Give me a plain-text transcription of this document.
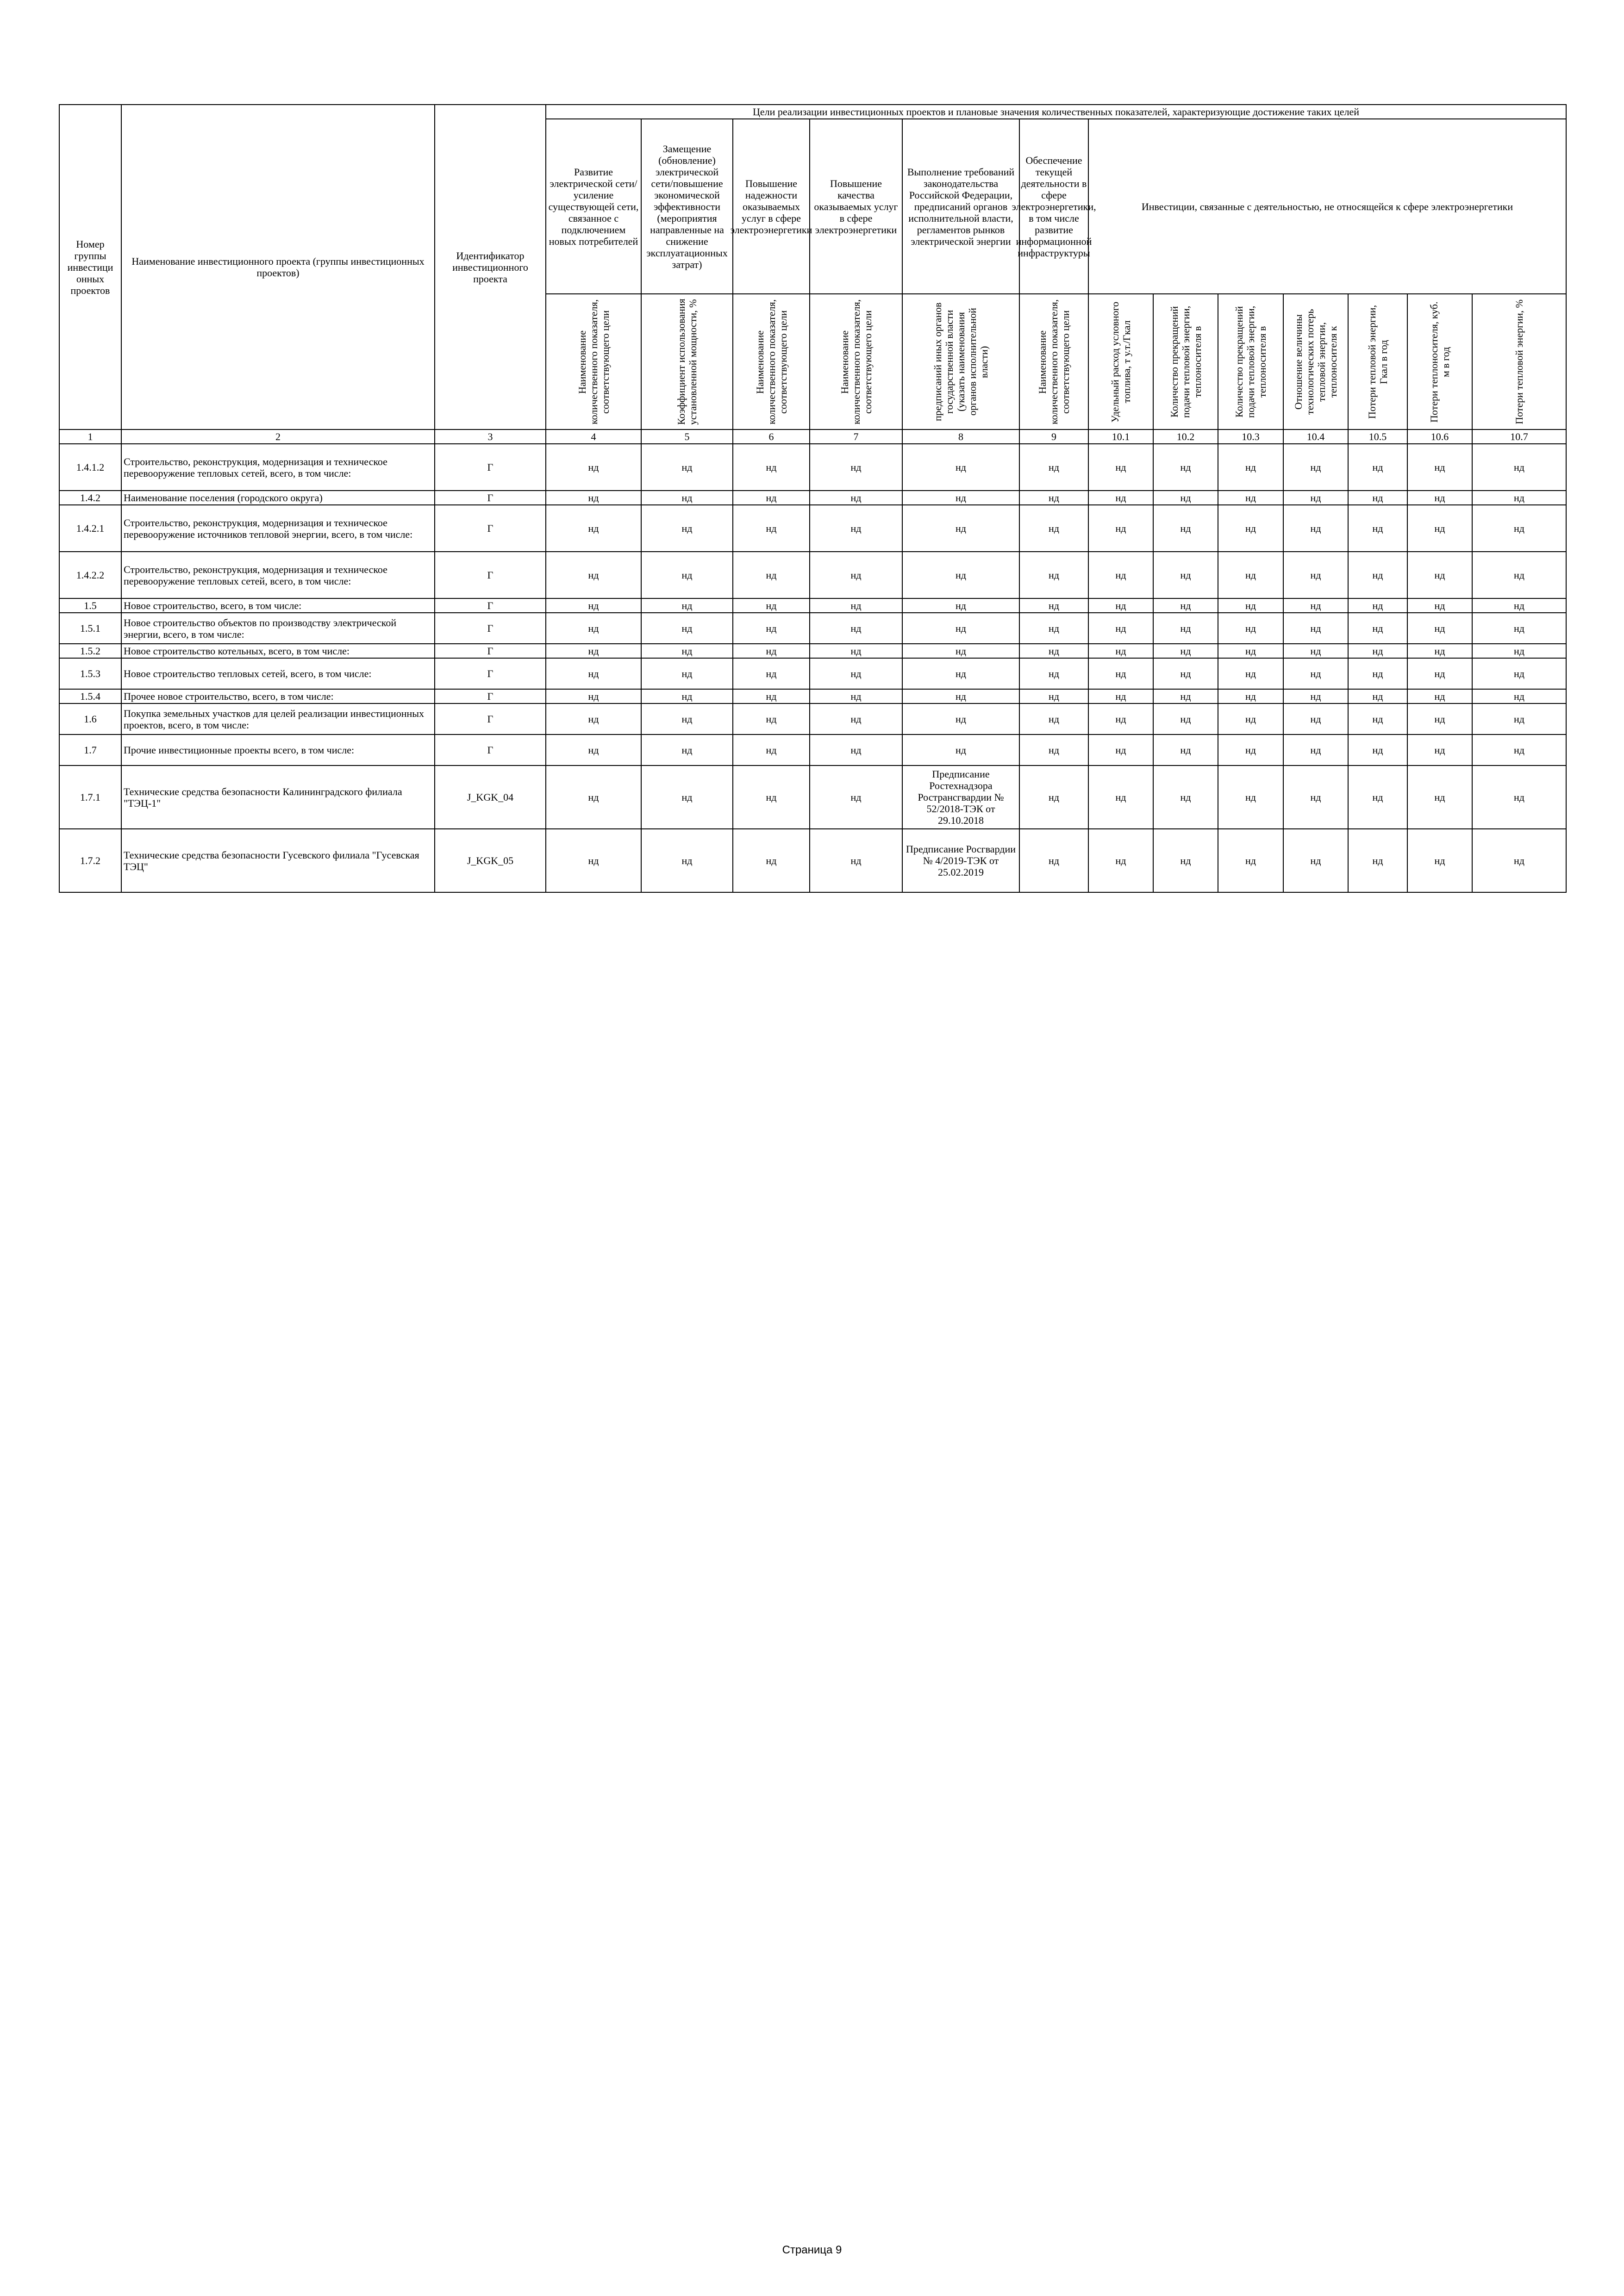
Номер группы инвестици онных проектов	Наименование инвестиционного проекта (группы инвестиционных проектов)	Идентификатор инвестиционного проекта	Цели реализации инвестиционных проектов и плановые значения количественных показателей, характеризующие достижение таких целей												

Развитие электрической сети/усиление существующей сети, связанное с подключением новых потребителей	Замещение (обновление) электрической сети/повышение экономической эффективности (мероприятия направленные на снижение эксплуатационных затрат)	Повышение надежности оказываемых услуг в сфере электроэнергетики	Повышение качества оказываемых услуг в сфере электроэнергетики	Выполнение требований законодательства Российской Федерации, предписаний органов исполнительной власти, регламентов рынков электрической энергии	Обеспечение текущей деятельности в сфере электроэнергетики, в том числе развитие информационной инфраструктуры	Инвестиции, связанные с деятельностью, не относящейся к сфере электроэнергетики						

			Наименование количественного показателя, соответствующего цели	Коэффициент использования установленной мощности, %	Наименование количественного показателя, соответствующего цели	Наименование количественного показателя, соответствующего цели	предписаний иных органов государственной власти (указать наименования органов исполнительной власти)	Наименование количественного показателя, соответствующего цели	Удельный расход условного топлива, т у.т./Гкал	Количество прекращений подачи тепловой энергии, теплоносителя в	Количество прекращений подачи тепловой энергии, теплоносителя в	Отношение величины технологических потерь тепловой энергии, теплоносителя к	Потери тепловой энергии, Гкал в год	Потери теплоносителя, куб. м в год	Потери тепловой энергии, %

1	2	3	4	5	6	7	8	9	10.1	10.2	10.3	10.4	10.5	10.6	10.7
1.4.1.2	Строительство, реконструкция, модернизация и техническое перевооружение тепловых сетей, всего, в том числе:	Г	нд	нд	нд	нд	нд	нд	нд	нд	нд	нд	нд	нд	нд
1.4.2	Наименование поселения (городского округа)	Г	нд	нд	нд	нд	нд	нд	нд	нд	нд	нд	нд	нд	нд
1.4.2.1	Строительство, реконструкция, модернизация и техническое перевооружение источников тепловой энергии, всего, в том числе:	Г	нд	нд	нд	нд	нд	нд	нд	нд	нд	нд	нд	нд	нд
1.4.2.2	Строительство, реконструкция, модернизация и техническое перевооружение тепловых сетей, всего, в том числе:	Г	нд	нд	нд	нд	нд	нд	нд	нд	нд	нд	нд	нд	нд
1.5	Новое строительство, всего, в том числе:	Г	нд	нд	нд	нд	нд	нд	нд	нд	нд	нд	нд	нд	нд
1.5.1	Новое строительство объектов по производству электрической энергии, всего, в том числе:	Г	нд	нд	нд	нд	нд	нд	нд	нд	нд	нд	нд	нд	нд
1.5.2	Новое строительство котельных, всего, в том числе:	Г	нд	нд	нд	нд	нд	нд	нд	нд	нд	нд	нд	нд	нд
1.5.3	Новое строительство тепловых сетей, всего, в том числе:	Г	нд	нд	нд	нд	нд	нд	нд	нд	нд	нд	нд	нд	нд
1.5.4	Прочее новое строительство, всего, в том числе:	Г	нд	нд	нд	нд	нд	нд	нд	нд	нд	нд	нд	нд	нд
1.6	Покупка земельных участков для целей реализации инвестиционных проектов, всего, в том числе:	Г	нд	нд	нд	нд	нд	нд	нд	нд	нд	нд	нд	нд	нд
1.7	Прочие инвестиционные проекты всего, в том числе:	Г	нд	нд	нд	нд	нд	нд	нд	нд	нд	нд	нд	нд	нд
1.7.1	Технические средства безопасности Калининградского филиала "ТЭЦ-1"	J_KGK_04	нд	нд	нд	нд	Предписание Ростехнадзора Ространсгвардии № 52/2018-ТЭК от 29.10.2018	нд	нд	нд	нд	нд	нд	нд	нд
1.7.2	Технические средства безопасности Гусевского филиала "Гусевская ТЭЦ"	J_KGK_05	нд	нд	нд	нд	Предписание Росгвардии № 4/2019-ТЭК от 25.02.2019	нд	нд	нд	нд	нд	нд	нд	нд
Страница 9
